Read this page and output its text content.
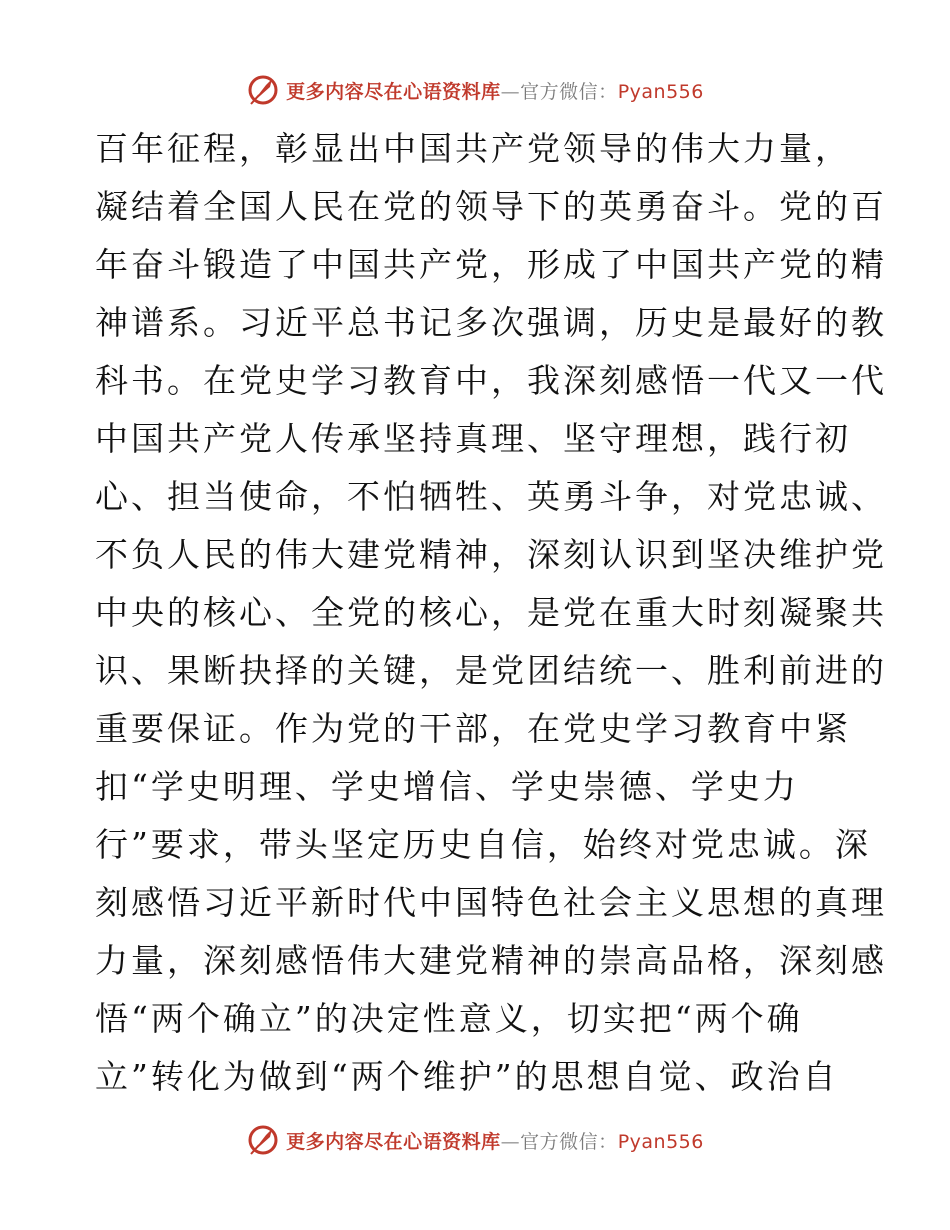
更多内容尽在心语资料库—官方微信：Pyan556
百年征程，彰显出中国共产党领导的伟大力量，
凝结着全国人民在党的领导下的英勇奋斗。党的百
年奋斗锻造了中国共产党，形成了中国共产党的精
神谱系。习近平总书记多次强调，历史是最好的教
科书。在党史学习教育中，我深刻感悟一代又一代
中国共产党人传承坚持真理、坚守理想，践行初
心、担当使命，不怕牺牲、英勇斗争，对党忠诚、
不负人民的伟大建党精神，深刻认识到坚决维护党
中央的核心、全党的核心，是党在重大时刻凝聚共
识、果断抉择的关键，是党团结统一、胜利前进的
重要保证。作为党的干部，在党史学习教育中紧
扣“学史明理、学史增信、学史崇德、学史力
行”要求，带头坚定历史自信，始终对党忠诚。深
刻感悟习近平新时代中国特色社会主义思想的真理
力量，深刻感悟伟大建党精神的崇高品格，深刻感
悟“两个确立”的决定性意义，切实把“两个确
立”转化为做到“两个维护”的思想自觉、政治自
更多内容尽在心语资料库—官方微信：Pyan556
